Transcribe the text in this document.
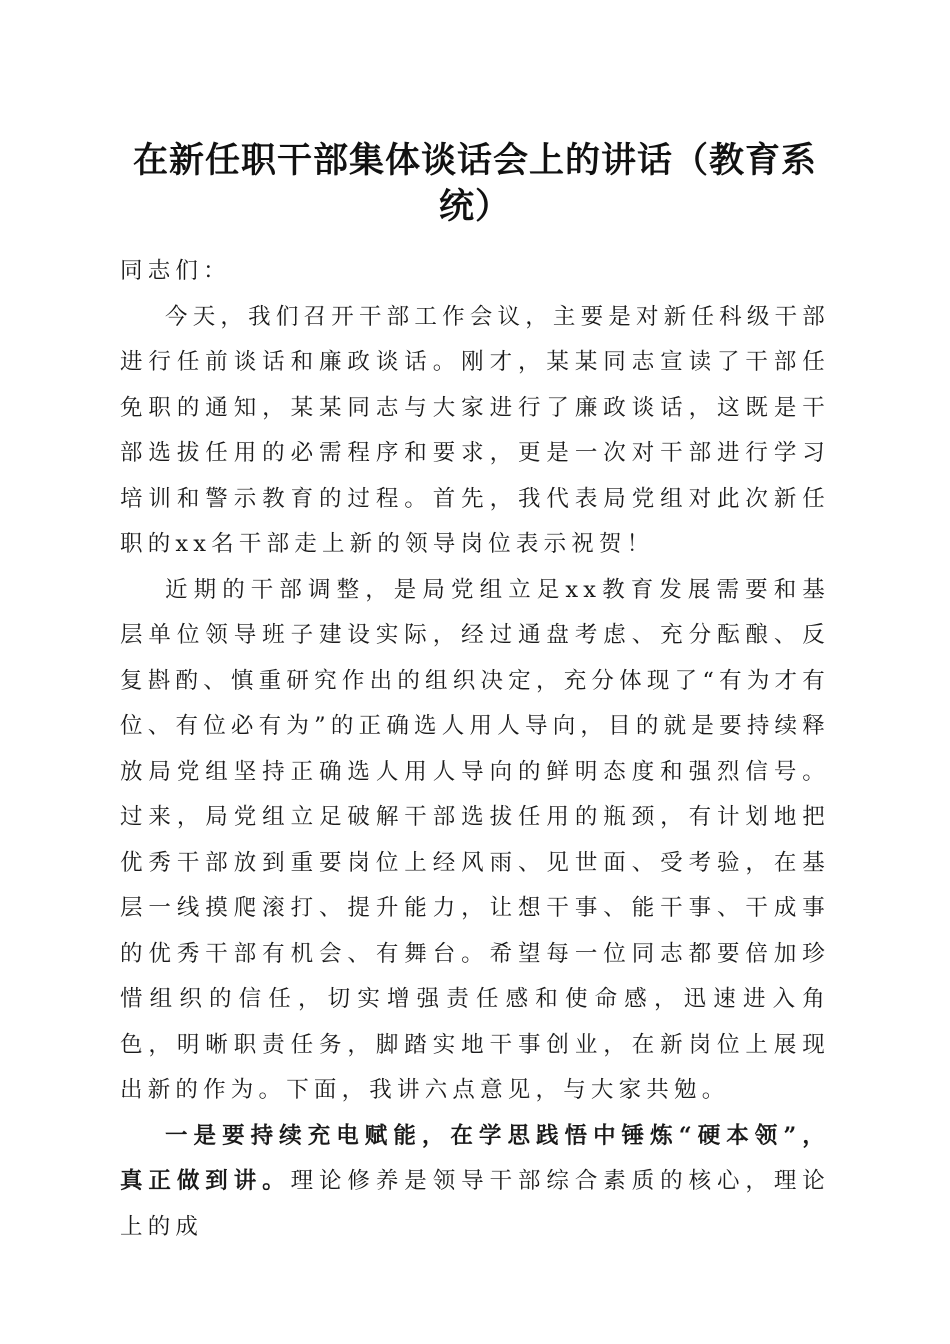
在新任职干部集体谈话会上的讲话（教育系统）

同志们：

今天，我们召开干部工作会议，主要是对新任科级干部进行任前谈话和廉政谈话。刚才，某某同志宣读了干部任免职的通知，某某同志与大家进行了廉政谈话，这既是干部选拔任用的必需程序和要求，更是一次对干部进行学习培训和警示教育的过程。首先，我代表局党组对此次新任职的xx名干部走上新的领导岗位表示祝贺！

近期的干部调整，是局党组立足xx教育发展需要和基层单位领导班子建设实际，经过通盘考虑、充分酝酿、反复斟酌、慎重研究作出的组织决定，充分体现了“有为才有位、有位必有为”的正确选人用人导向，目的就是要持续释放局党组坚持正确选人用人导向的鲜明态度和强烈信号。过来，局党组立足破解干部选拔任用的瓶颈，有计划地把优秀干部放到重要岗位上经风雨、见世面、受考验，在基层一线摸爬滚打、提升能力，让想干事、能干事、干成事的优秀干部有机会、有舞台。希望每一位同志都要倍加珍惜组织的信任，切实增强责任感和使命感，迅速进入角色，明晰职责任务，脚踏实地干事创业，在新岗位上展现出新的作为。下面，我讲六点意见，与大家共勉。

一是要持续充电赋能，在学思践悟中锤炼“硬本领”，真正做到讲。理论修养是领导干部综合素质的核心，理论上的成
